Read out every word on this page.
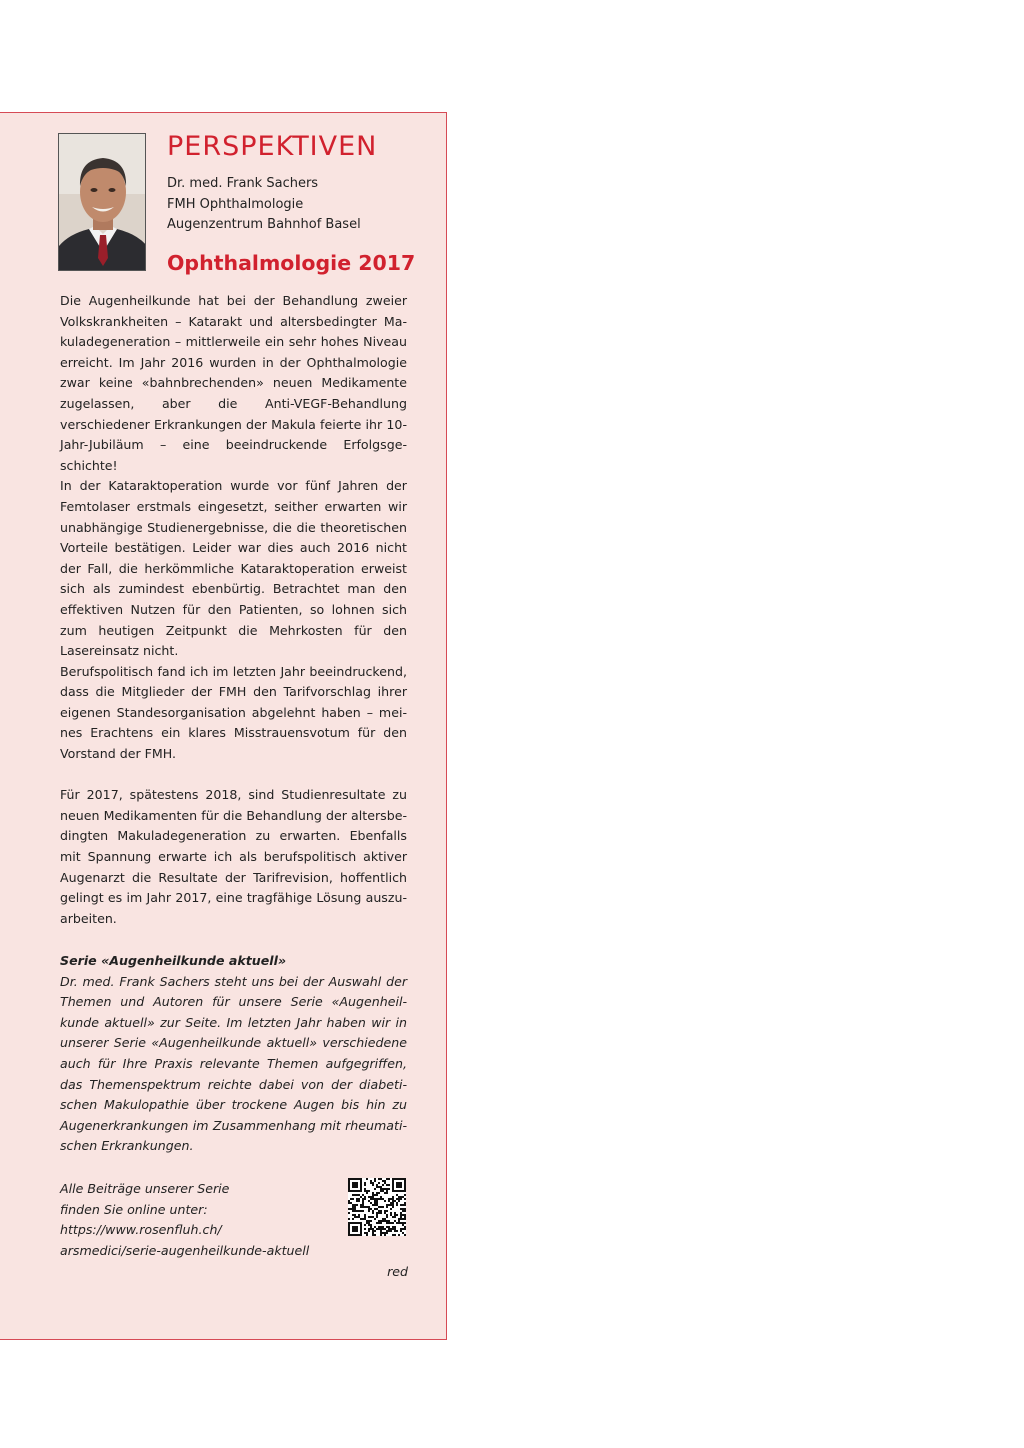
PERSPEKTIVEN
Dr. med. Frank Sachers
FMH Ophthalmologie
Augenzentrum Bahnhof Basel
Ophthalmologie 2017

Die Augenheilkunde hat bei der Behandlung zweier Volkskrankheiten – Katarakt und altersbedingter Makuladegeneration – mittlerweile ein sehr hohes Niveau erreicht. Im Jahr 2016 wurden in der Ophthalmologie zwar keine «bahnbrechenden» neuen Medikamente zugelassen, aber die Anti-VEGF-Behandlung verschiedener Erkrankungen der Makula feierte ihr 10-Jahr-Jubiläum – eine beeindruckende Erfolgsgeschichte!

In der Kataraktoperation wurde vor fünf Jahren der Femtolaser erstmals eingesetzt, seither erwarten wir unabhängige Studienergebnisse, die die theoretischen Vorteile bestätigen. Leider war dies auch 2016 nicht der Fall, die herkömmliche Kataraktoperation erweist sich als zumindest ebenbürtig. Betrachtet man den effektiven Nutzen für den Patienten, so lohnen sich zum heutigen Zeitpunkt die Mehrkosten für den Lasereinsatz nicht.

Berufspolitisch fand ich im letzten Jahr beeindruckend, dass die Mitglieder der FMH den Tarifvorschlag ihrer eigenen Standesorganisation abgelehnt haben – meines Erachtens ein klares Misstrauensvotum für den Vorstand der FMH.

Für 2017, spätestens 2018, sind Studienresultate zu neuen Medikamenten für die Behandlung der altersbedingten Makuladegeneration zu erwarten. Ebenfalls mit Spannung erwarte ich als berufspolitisch aktiver Augenarzt die Resultate der Tarifrevision, hoffentlich gelingt es im Jahr 2017, eine tragfähige Lösung auszuarbeiten.

Serie «Augenheilkunde aktuell»

Dr. med. Frank Sachers steht uns bei der Auswahl der Themen und Autoren für unsere Serie «Augenheilkunde aktuell» zur Seite. Im letzten Jahr haben wir in unserer Serie «Augenheilkunde aktuell» verschiedene auch für Ihre Praxis relevante Themen aufgegriffen, das Themenspektrum reichte dabei von der diabetischen Makulopathie über trockene Augen bis hin zu Augenerkrankungen im Zusammenhang mit rheumatischen Erkrankungen.

Alle Beiträge unserer Serie
finden Sie online unter:
https://www.rosenfluh.ch/
arsmedici/serie-augenheilkunde-aktuell
red
